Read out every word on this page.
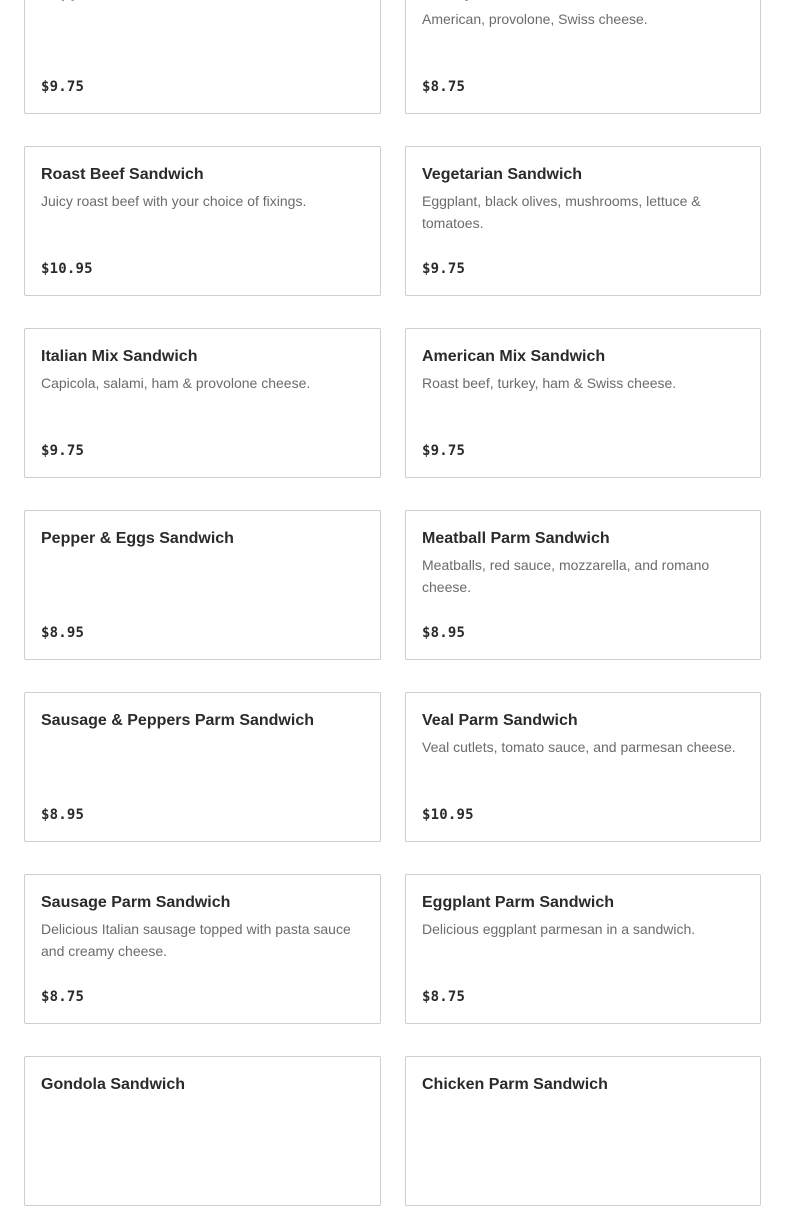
$9.75
American, provolone, Swiss cheese.
$8.75
Roast Beef Sandwich
Juicy roast beef with your choice of fixings.
$10.95
Vegetarian Sandwich
Eggplant, black olives, mushrooms, lettuce & tomatoes.
$9.75
Italian Mix Sandwich
Capicola, salami, ham & provolone cheese.
$9.75
American Mix Sandwich
Roast beef, turkey, ham & Swiss cheese.
$9.75
Pepper & Eggs Sandwich
$8.95
Meatball Parm Sandwich
Meatballs, red sauce, mozzarella, and romano cheese.
$8.95
Sausage & Peppers Parm Sandwich
$8.95
Veal Parm Sandwich
Veal cutlets, tomato sauce, and parmesan cheese.
$10.95
Sausage Parm Sandwich
Delicious Italian sausage topped with pasta sauce and creamy cheese.
$8.75
Eggplant Parm Sandwich
Delicious eggplant parmesan in a sandwich.
$8.75
Gondola Sandwich	Chicken Parm Sandwich
